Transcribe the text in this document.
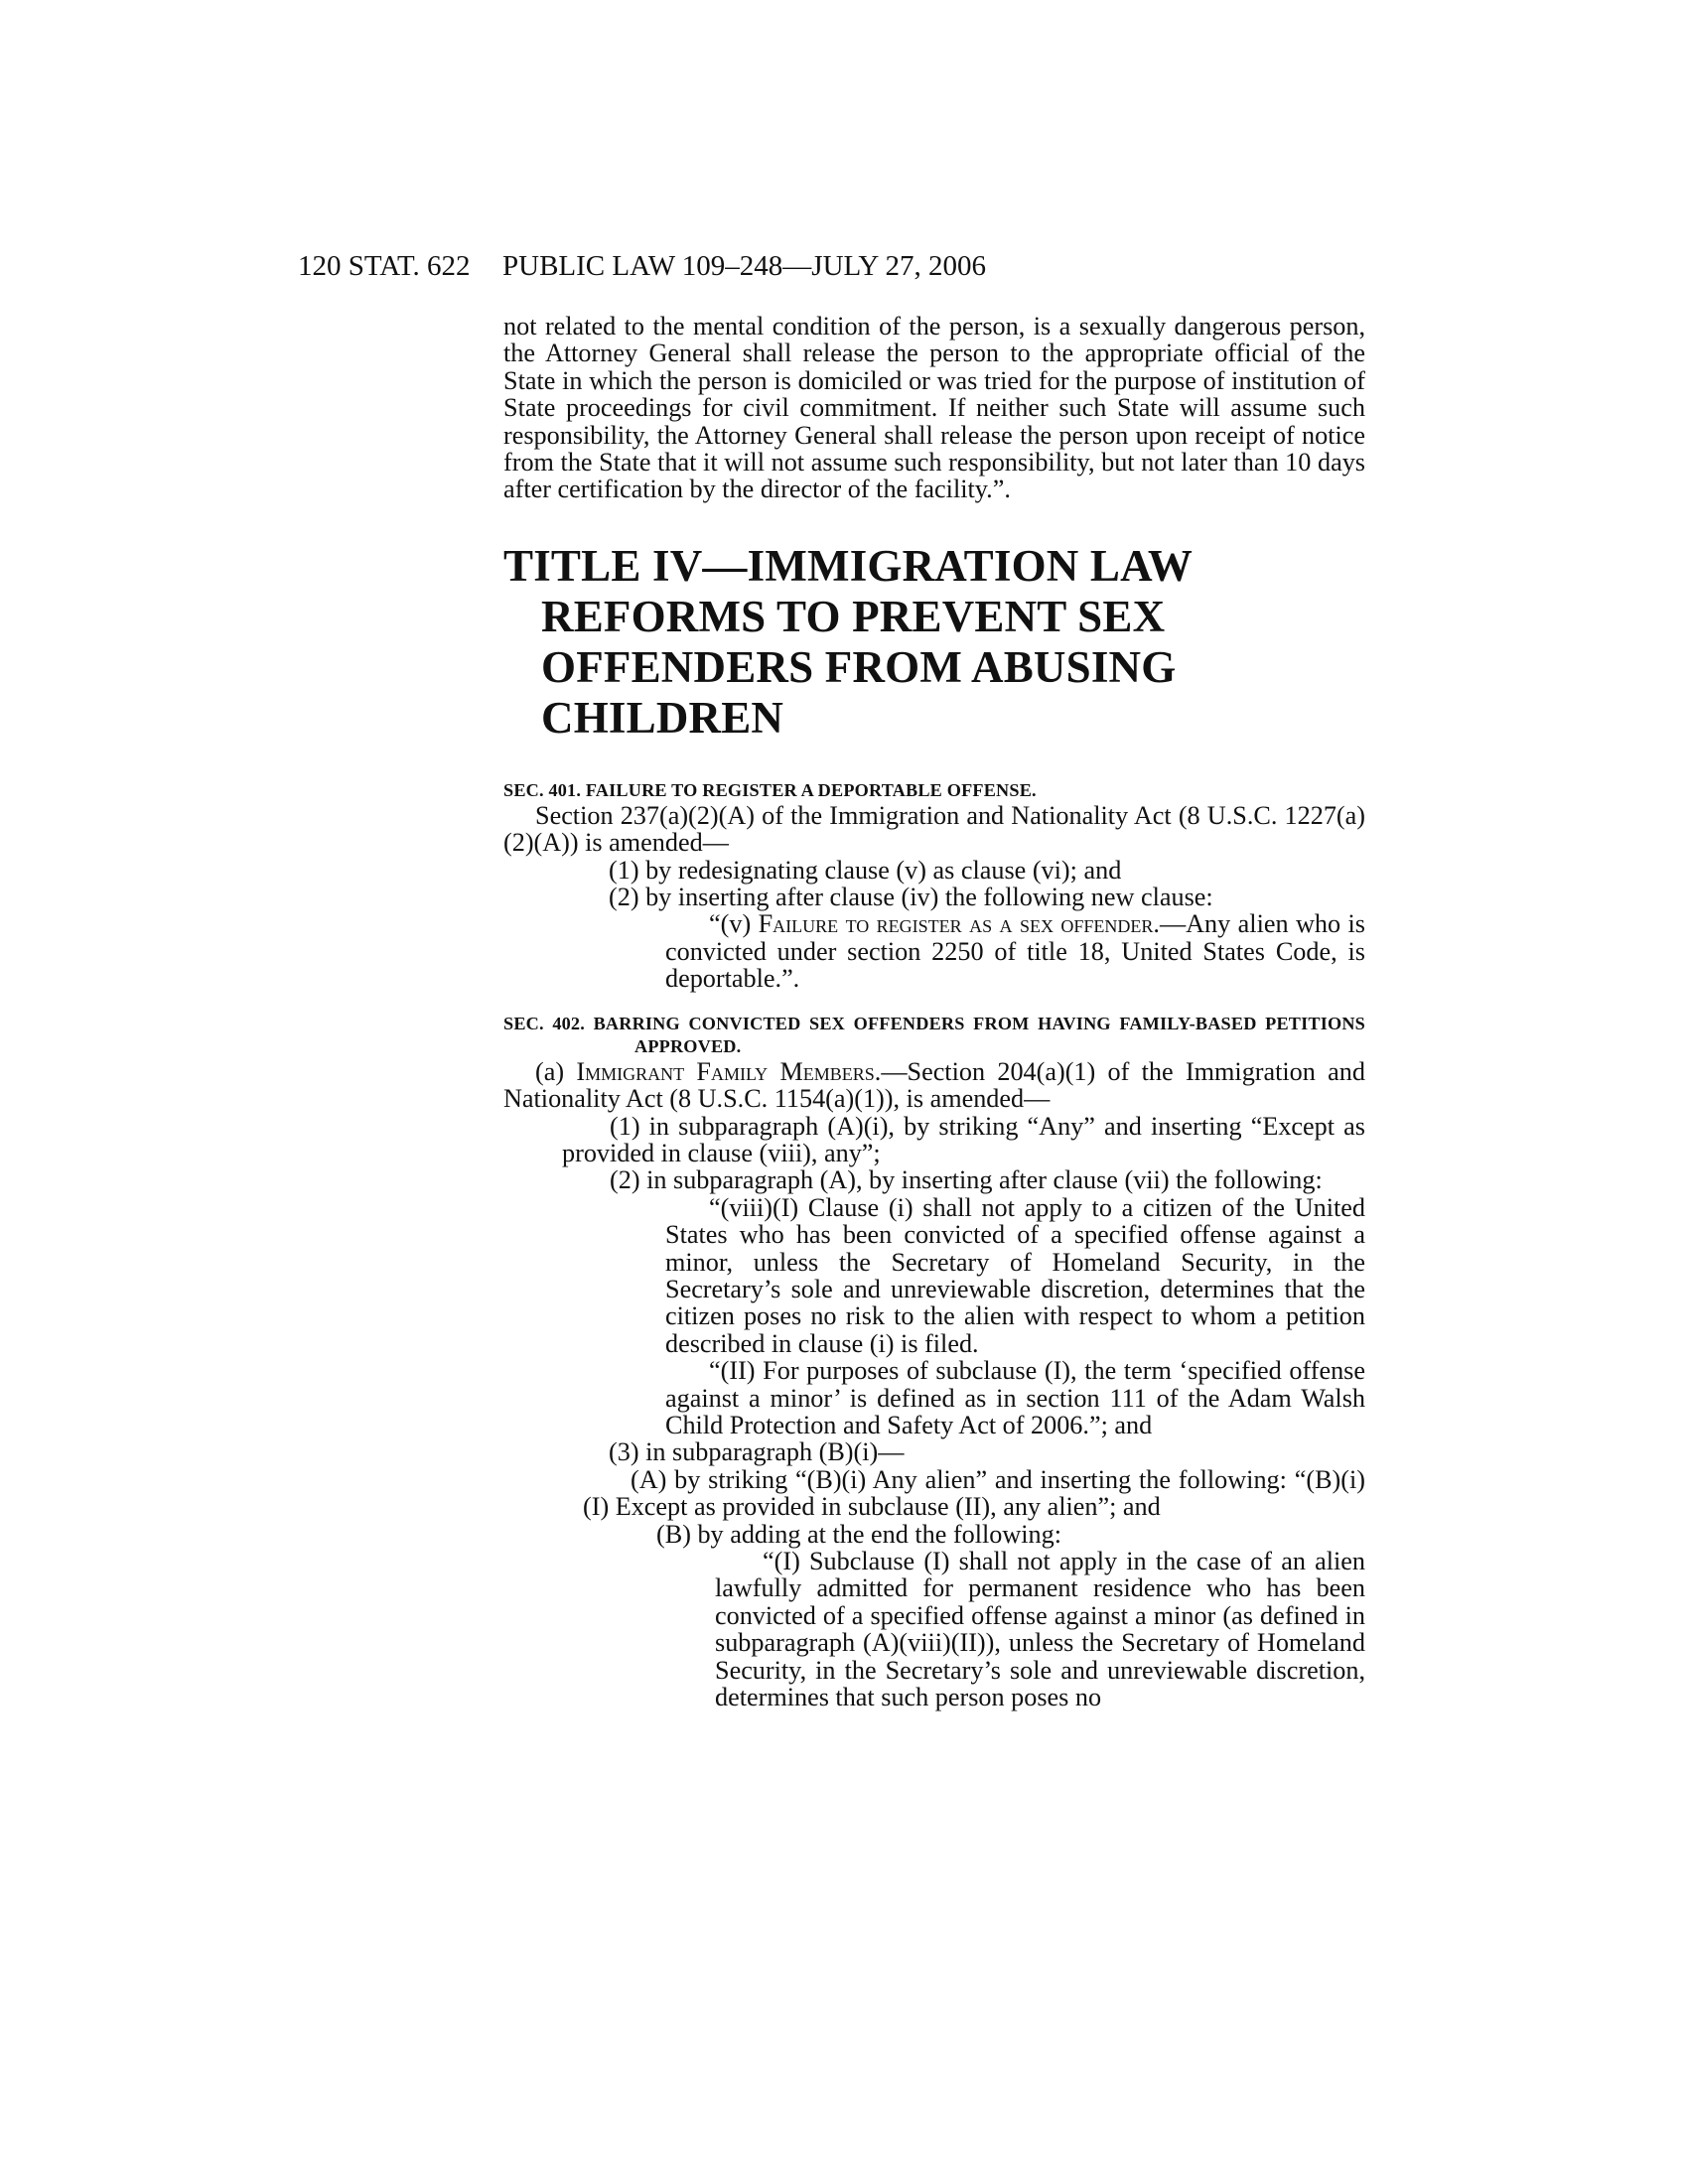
120 STAT. 622 PUBLIC LAW 109–248—JULY 27, 2006

not related to the mental condition of the person, is a sexually dangerous person, the Attorney General shall release the person to the appropriate official of the State in which the person is domiciled or was tried for the purpose of institution of State proceedings for civil commitment. If neither such State will assume such responsibility, the Attorney General shall release the person upon receipt of notice from the State that it will not assume such responsibility, but not later than 10 days after certification by the director of the facility.”.

TITLE IV—IMMIGRATION LAW REFORMS TO PREVENT SEX OFFENDERS FROM ABUSING CHILDREN

SEC. 401. FAILURE TO REGISTER A DEPORTABLE OFFENSE.

Section 237(a)(2)(A) of the Immigration and Nationality Act (8 U.S.C. 1227(a)(2)(A)) is amended—

(1) by redesignating clause (v) as clause (vi); and

(2) by inserting after clause (iv) the following new clause:

“(v) Failure to register as a sex offender.—Any alien who is convicted under section 2250 of title 18, United States Code, is deportable.”.

SEC. 402. BARRING CONVICTED SEX OFFENDERS FROM HAVING FAMILY-BASED PETITIONS APPROVED.

(a) Immigrant Family Members.—Section 204(a)(1) of the Immigration and Nationality Act (8 U.S.C. 1154(a)(1)), is amended—

(1) in subparagraph (A)(i), by striking “Any” and inserting “Except as provided in clause (viii), any”;

(2) in subparagraph (A), by inserting after clause (vii) the following:

“(viii)(I) Clause (i) shall not apply to a citizen of the United States who has been convicted of a specified offense against a minor, unless the Secretary of Homeland Security, in the Secretary’s sole and unreviewable discretion, determines that the citizen poses no risk to the alien with respect to whom a petition described in clause (i) is filed.

“(II) For purposes of subclause (I), the term ‘specified offense against a minor’ is defined as in section 111 of the Adam Walsh Child Protection and Safety Act of 2006.”; and

(3) in subparagraph (B)(i)—

(A) by striking “(B)(i) Any alien” and inserting the following: “(B)(i)(I) Except as provided in subclause (II), any alien”; and

(B) by adding at the end the following:

“(I) Subclause (I) shall not apply in the case of an alien lawfully admitted for permanent residence who has been convicted of a specified offense against a minor (as defined in subparagraph (A)(viii)(II)), unless the Secretary of Homeland Security, in the Secretary’s sole and unreviewable discretion, determines that such person poses no
